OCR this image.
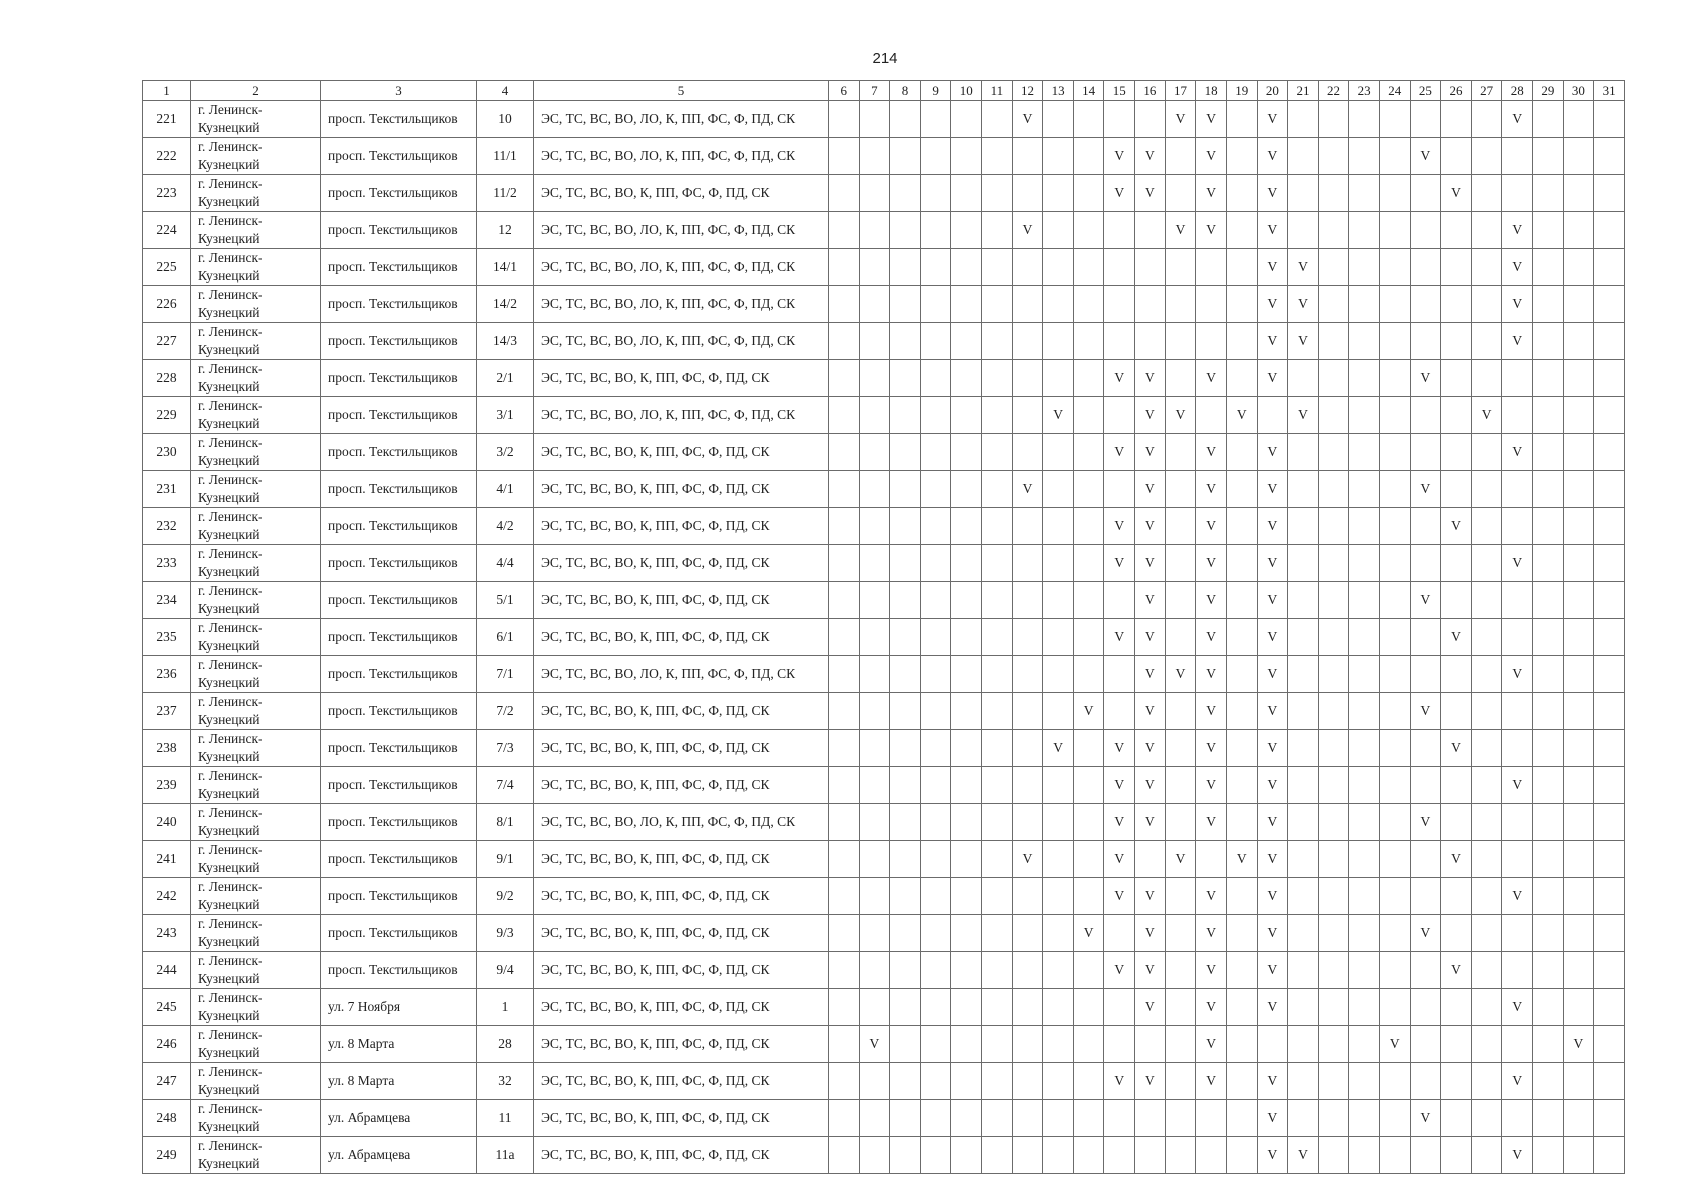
214
1	2	3	4	5	6	7	8	9	10	11	12	13	14	15	16	17	18	19	20	21	22	23	24	25	26	27	28	29	30	31
221	г. Ленинск-
Кузнецкий	просп. Текстильщиков	10	ЭС, ТС, ВС, ВО, ЛО, К, ПП, ФС, Ф, ПД, СК							V					V	V		V								V			
222	г. Ленинск-
Кузнецкий	просп. Текстильщиков	11/1	ЭС, ТС, ВС, ВО, ЛО, К, ПП, ФС, Ф, ПД, СК										V	V		V		V					V						
223	г. Ленинск-
Кузнецкий	просп. Текстильщиков	11/2	ЭС, ТС, ВС, ВО, К, ПП, ФС, Ф, ПД, СК										V	V		V		V						V					
224	г. Ленинск-
Кузнецкий	просп. Текстильщиков	12	ЭС, ТС, ВС, ВО, ЛО, К, ПП, ФС, Ф, ПД, СК							V					V	V		V								V			
225	г. Ленинск-
Кузнецкий	просп. Текстильщиков	14/1	ЭС, ТС, ВС, ВО, ЛО, К, ПП, ФС, Ф, ПД, СК															V	V							V			
226	г. Ленинск-
Кузнецкий	просп. Текстильщиков	14/2	ЭС, ТС, ВС, ВО, ЛО, К, ПП, ФС, Ф, ПД, СК															V	V							V			
227	г. Ленинск-
Кузнецкий	просп. Текстильщиков	14/3	ЭС, ТС, ВС, ВО, ЛО, К, ПП, ФС, Ф, ПД, СК															V	V							V			
228	г. Ленинск-
Кузнецкий	просп. Текстильщиков	2/1	ЭС, ТС, ВС, ВО, К, ПП, ФС, Ф, ПД, СК										V	V		V		V					V						
229	г. Ленинск-
Кузнецкий	просп. Текстильщиков	3/1	ЭС, ТС, ВС, ВО, ЛО, К, ПП, ФС, Ф, ПД, СК								V			V	V		V		V						V				
230	г. Ленинск-
Кузнецкий	просп. Текстильщиков	3/2	ЭС, ТС, ВС, ВО, К, ПП, ФС, Ф, ПД, СК										V	V		V		V								V			
231	г. Ленинск-
Кузнецкий	просп. Текстильщиков	4/1	ЭС, ТС, ВС, ВО, К, ПП, ФС, Ф, ПД, СК							V				V		V		V					V						
232	г. Ленинск-
Кузнецкий	просп. Текстильщиков	4/2	ЭС, ТС, ВС, ВО, К, ПП, ФС, Ф, ПД, СК										V	V		V		V						V					
233	г. Ленинск-
Кузнецкий	просп. Текстильщиков	4/4	ЭС, ТС, ВС, ВО, К, ПП, ФС, Ф, ПД, СК										V	V		V		V								V			
234	г. Ленинск-
Кузнецкий	просп. Текстильщиков	5/1	ЭС, ТС, ВС, ВО, К, ПП, ФС, Ф, ПД, СК											V		V		V					V						
235	г. Ленинск-
Кузнецкий	просп. Текстильщиков	6/1	ЭС, ТС, ВС, ВО, К, ПП, ФС, Ф, ПД, СК										V	V		V		V						V					
236	г. Ленинск-
Кузнецкий	просп. Текстильщиков	7/1	ЭС, ТС, ВС, ВО, ЛО, К, ПП, ФС, Ф, ПД, СК											V	V	V		V								V			
237	г. Ленинск-
Кузнецкий	просп. Текстильщиков	7/2	ЭС, ТС, ВС, ВО, К, ПП, ФС, Ф, ПД, СК									V		V		V		V					V						
238	г. Ленинск-
Кузнецкий	просп. Текстильщиков	7/3	ЭС, ТС, ВС, ВО, К, ПП, ФС, Ф, ПД, СК								V		V	V		V		V						V					
239	г. Ленинск-
Кузнецкий	просп. Текстильщиков	7/4	ЭС, ТС, ВС, ВО, К, ПП, ФС, Ф, ПД, СК										V	V		V		V								V			
240	г. Ленинск-
Кузнецкий	просп. Текстильщиков	8/1	ЭС, ТС, ВС, ВО, ЛО, К, ПП, ФС, Ф, ПД, СК										V	V		V		V					V						
241	г. Ленинск-
Кузнецкий	просп. Текстильщиков	9/1	ЭС, ТС, ВС, ВО, К, ПП, ФС, Ф, ПД, СК							V			V		V		V	V						V					
242	г. Ленинск-
Кузнецкий	просп. Текстильщиков	9/2	ЭС, ТС, ВС, ВО, К, ПП, ФС, Ф, ПД, СК										V	V		V		V								V			
243	г. Ленинск-
Кузнецкий	просп. Текстильщиков	9/3	ЭС, ТС, ВС, ВО, К, ПП, ФС, Ф, ПД, СК									V		V		V		V					V						
244	г. Ленинск-
Кузнецкий	просп. Текстильщиков	9/4	ЭС, ТС, ВС, ВО, К, ПП, ФС, Ф, ПД, СК										V	V		V		V						V					
245	г. Ленинск-
Кузнецкий	ул. 7 Ноября	1	ЭС, ТС, ВС, ВО, К, ПП, ФС, Ф, ПД, СК											V		V		V								V			
246	г. Ленинск-
Кузнецкий	ул. 8 Марта	28	ЭС, ТС, ВС, ВО, К, ПП, ФС, Ф, ПД, СК		V											V						V						V	
247	г. Ленинск-
Кузнецкий	ул. 8 Марта	32	ЭС, ТС, ВС, ВО, К, ПП, ФС, Ф, ПД, СК										V	V		V		V								V			
248	г. Ленинск-
Кузнецкий	ул. Абрамцева	11	ЭС, ТС, ВС, ВО, К, ПП, ФС, Ф, ПД, СК															V					V						
249	г. Ленинск-
Кузнецкий	ул. Абрамцева	11а	ЭС, ТС, ВС, ВО, К, ПП, ФС, Ф, ПД, СК															V	V							V			
